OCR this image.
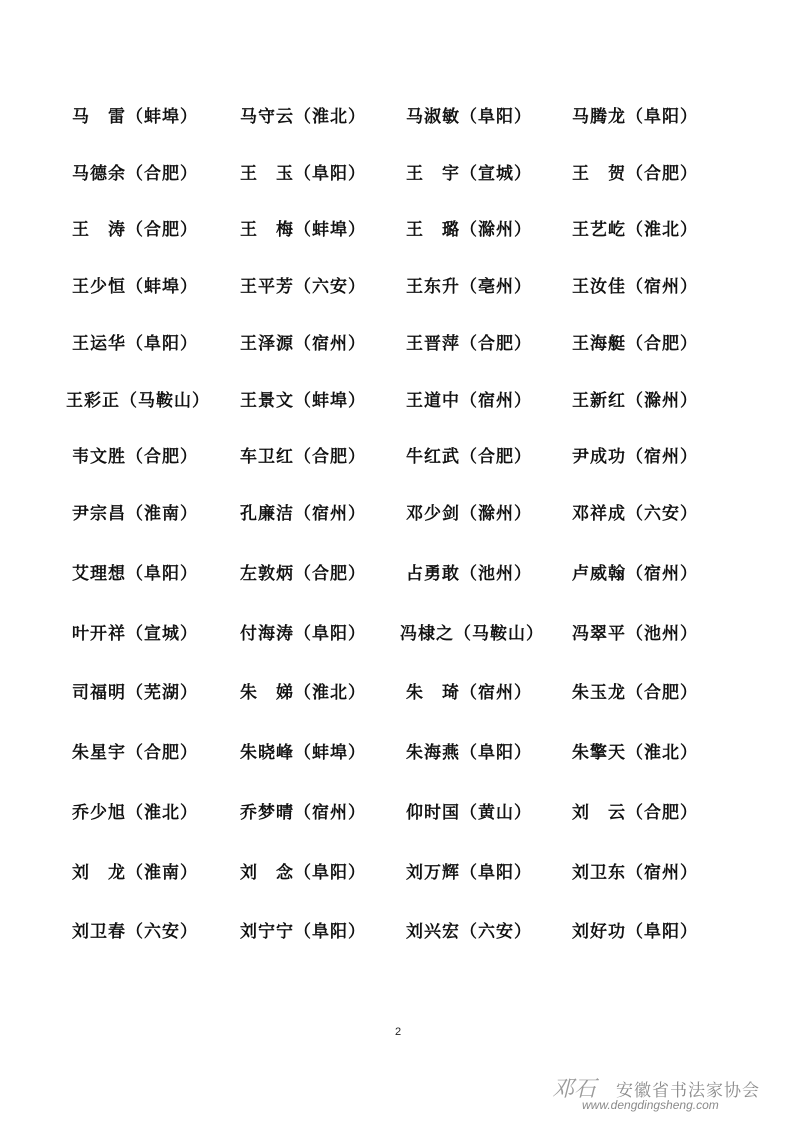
马　雷（蚌埠） 马守云（淮北） 马淑敏（阜阳） 马腾龙（阜阳）
马德余（合肥） 王　玉（阜阳） 王　宇（宣城） 王　贺（合肥）
王　涛（合肥） 王　梅（蚌埠） 王　璐（滁州） 王艺屹（淮北）
王少恒（蚌埠） 王平芳（六安） 王东升（亳州） 王汝佳（宿州）
王运华（阜阳） 王泽源（宿州） 王晋萍（合肥） 王海艇（合肥）
王彩正（马鞍山） 王景文（蚌埠） 王道中（宿州） 王新红（滁州）
韦文胜（合肥） 车卫红（合肥） 牛红武（合肥） 尹成功（宿州）
尹宗昌（淮南） 孔廉洁（宿州） 邓少剑（滁州） 邓祥成（六安）
艾理想（阜阳） 左敦炳（合肥） 占勇敢（池州） 卢威翰（宿州）
叶开祥（宣城） 付海涛（阜阳） 冯棣之（马鞍山） 冯翠平（池州）
司福明（芜湖） 朱　娣（淮北） 朱　琦（宿州） 朱玉龙（合肥）
朱星宇（合肥） 朱晓峰（蚌埠） 朱海燕（阜阳） 朱擎天（淮北）
乔少旭（淮北） 乔梦晴（宿州） 仰时国（黄山） 刘　云（合肥）
刘　龙（淮南） 刘　念（阜阳） 刘万辉（阜阳） 刘卫东（宿州）
刘卫春（六安） 刘宁宁（阜阳） 刘兴宏（六安） 刘好功（阜阳）
2
邓石	安徽省书法家协会
www.dengdingsheng.com
